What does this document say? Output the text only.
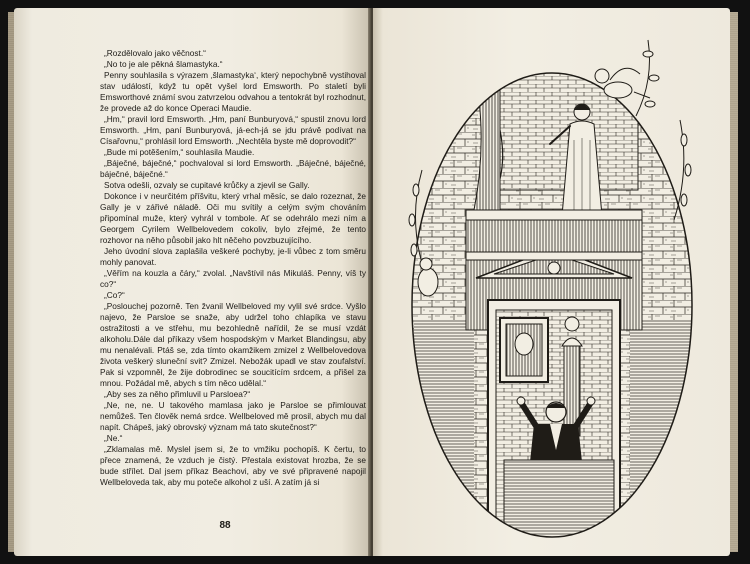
„Rozdělovalo jako věčnost.“

„No to je ale pěkná šlamastyka.“

Penny souhlasila s výrazem ‚šlamastyka‘, který nepochybně vystihoval stav událostí, když tu opět vyšel lord Emsworth. Po staletí byli Emsworthové známí svou zatvrzelou odvahou a tentokrát byl rozhodnut, že provede až do konce Operaci Maudie.

„Hm,“ pravil lord Emsworth. „Hm, paní Bunburyová,“ spustil znovu lord Emsworth. „Hm, paní Bunburyová, já-ech-já se jdu právě podívat na Císařovnu,“ prohlásil lord Emsworth. „Nechtěla byste mě doprovodit?“

„Bude mi potěšením,“ souhlasila Maudie.

„Báječné, báječné,“ pochvaloval si lord Emsworth. „Báječné, báječné, báječné, báječné.“

Sotva odešli, ozvaly se cupitavé krůčky a zjevil se Gally.

Dokonce i v neurčitém příšvitu, který vrhal měsíc, se dalo rozeznat, že Gally je v zářivé náladě. Oči mu svítily a celým svým chováním připomínal muže, který vyhrál v tombole. Ať se odehrálo mezi ním a Georgem Cyrilem Wellbelovedem cokoliv, bylo zřejmé, že tento rozhovor na něho působil jako hlt něčeho povzbuzujícího.

Jeho úvodní slova zaplašila veškeré pochyby, je-li vůbec z tom směru mohly panovat.

„Věřím na kouzla a čáry,“ zvolal. „Navštívil nás Mikuláš. Penny, víš ty co?“

„Co?“

„Poslouchej pozorně. Ten žvanil Wellbeloved my vylil své srdce. Vyšlo najevo, že Parsloe se snaže, aby udržel toho chlapíka ve stavu ostražitosti a ve střehu, mu bezohledně nařídil, že se musí vzdát alkoholu.Dále dal příkazy všem hospodským v Market Blandingsu, aby mu nenalévali. Ptáš se, zda tímto okamžikem zmizel z Wellbelovedova života veškerý sluneční svit? Zmizel. Nebožák upadl ve stav zoufalství. Pak si vzpomněl, že žije dobrodinec se soucitícím srdcem, a přišel za mnou. Požádal mě, abych s tím něco udělal.“

„Aby ses za něho přimluvil u Parsloea?“

„Ne, ne, ne. U takového mamlasa jako je Parsloe se přimlouvat nemůžeš. Ten člověk nemá srdce. Wellbeloved mě prosil, abych mu dal napít. Chápeš, jaký obrovský význam má tato skutečnost?“

„Ne.“

„Zklamalas mě. Myslel jsem si, že to vmžiku pochopíš. K čertu, to přece znamená, že vzduch je čistý. Přestala existovat hrozba, že se bude střílet. Dal jsem příkaz Beachovi, aby ve své připravené napojil Wellbeloveda tak, aby mu poteče alkohol z uší. A zatím já si

88
